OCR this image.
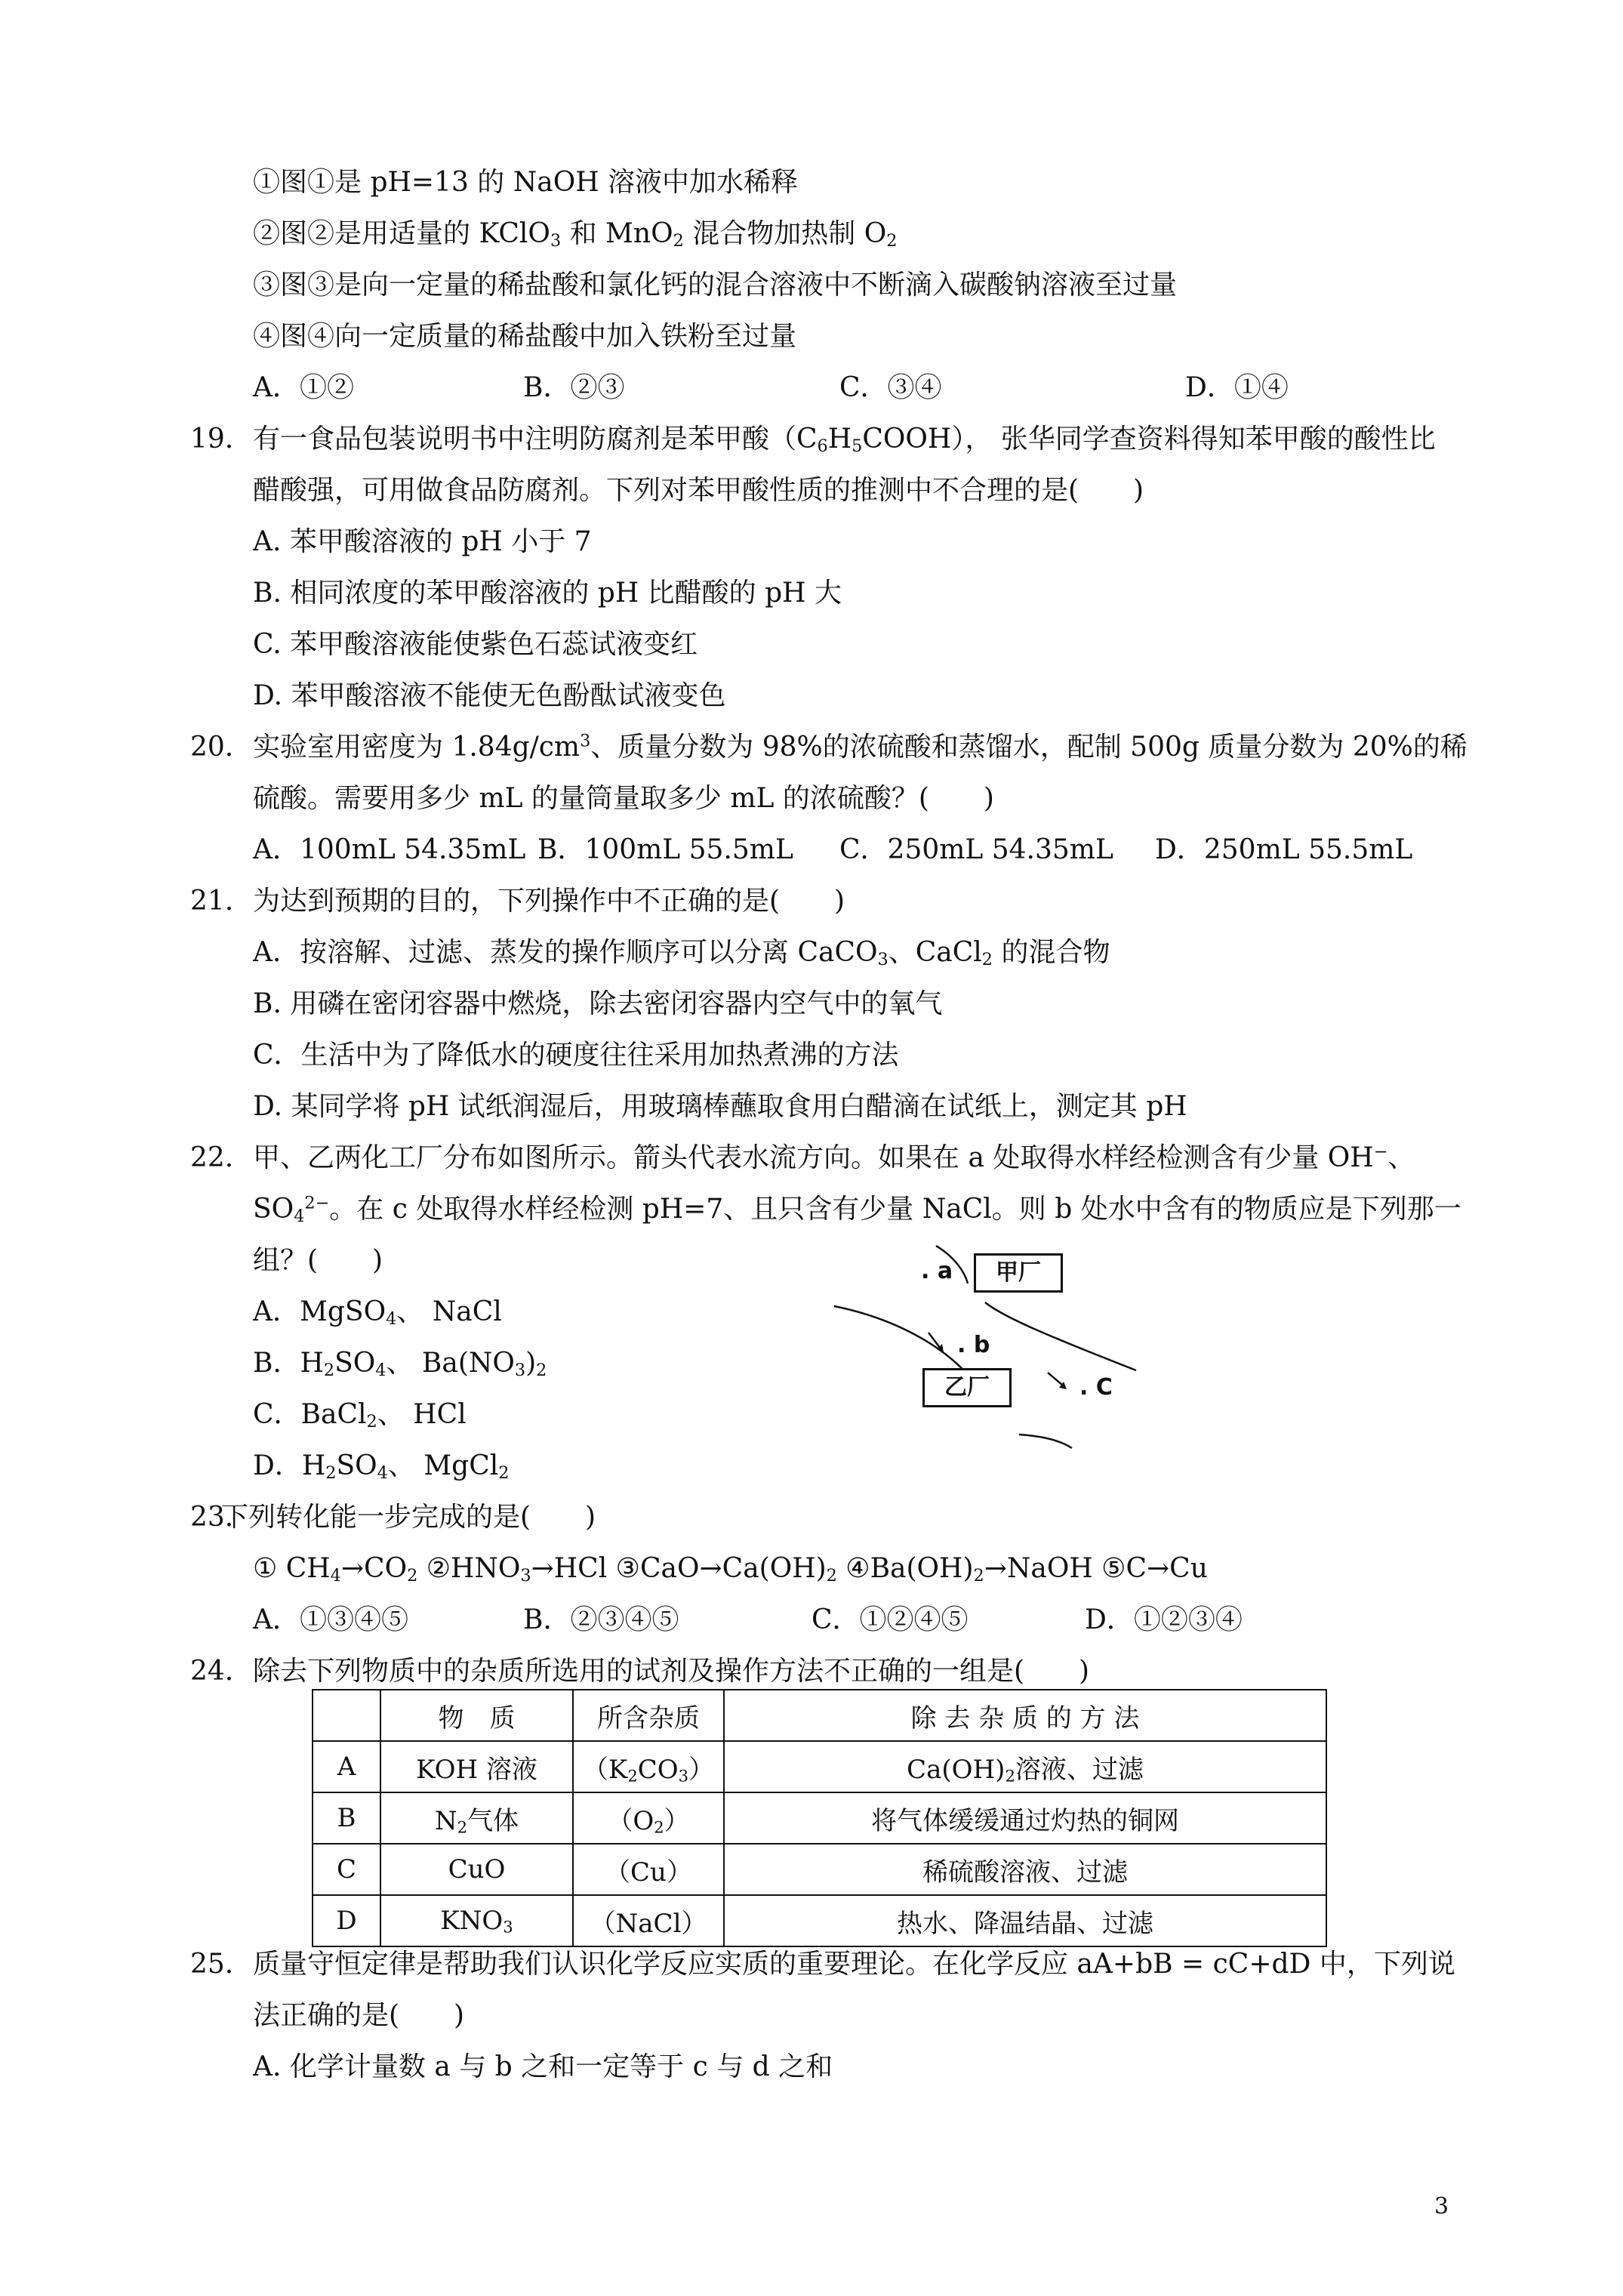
①图①是 pH=13 的 NaOH 溶液中加水稀释
②图②是用适量的 KClO$_3$ 和 MnO$_2$ 混合物加热制 $O_2$
③图③是向一定量的稀盐酸和氯化钙的混合溶液中不断滴入碳酸钠溶液至过量
④图④向一定质量的稀盐酸中加入铁粉至过量
A．①②	B．②③	C．③④	D．①④
19. 有一食品包装说明书中注明防腐剂是苯甲酸$(C_6H_5COOH)$， 张华同学查资料得知苯甲酸的酸性比
醋酸强，可用做食品防腐剂。下列对苯甲酸性质的推测中不合理的是(　　)
A. 苯甲酸溶液的 pH 小于 7
B. 相同浓度的苯甲酸溶液的 pH 比醋酸的 pH 大
C. 苯甲酸溶液能使紫色石蕊试液变红
D. 苯甲酸溶液不能使无色酚酞试液变色
20. 实验室用密度为 $1.84g/cm^3$、质量分数为 98%的浓硫酸和蒸馏水，配制 500g 质量分数为 20%的稀
硫酸。需要用多少 mL 的量筒量取多少 mL 的浓硫酸？(　　)
A．100mL 54.35mL B．100mL 55.5mL C．250mL 54.35mL D．250mL 55.5mL
21. 为达到预期的目的，下列操作中不正确的是(　　)
A．按溶解、过滤、蒸发的操作顺序可以分离 CaCO$_3$、CaCl$_2$ 的混合物
B. 用磷在密闭容器中燃烧，除去密闭容器内空气中的氧气
C．生活中为了降低水的硬度往往采用加热煮沸的方法
D. 某同学将 pH 试纸润湿后，用玻璃棒蘸取食用白醋滴在试纸上，测定其 pH
22. 甲、乙两化工厂分布如图所示。箭头代表水流方向。如果在 a 处取得水样经检测含有少量 OH−、
$SO_4^{2-}$。在 c 处取得水样经检测 pH=7、且只含有少量 NaCl。则 b 处水中含有的物质应是下列那一
组？(　　)
A．MgSO$_4$、 NaCl
B．$H_2SO_4$、 $Ba(NO_3)_2$
C．BaCl$_2$、 HCl
D．$H_2SO_4$、 MgCl$_2$
. a	甲厂
. b
乙厂	. C
23.
下列转化能一步完成的是(　　)
① $CH_4\to CO_2$ $②HNO_3\to HCl$ $③CaO\to Ca(OH)_2$ $④Ba(OH)_2\to NaOH$ ⑤C→Cu
A．①③④⑤	B．②③④⑤	C．①②④⑤	D．①②③④
24. 除去下列物质中的杂质所选用的试剂及操作方法不正确的一组是(　　)
	物　质	所含杂质	除 去 杂 质 的 方 法
A	KOH 溶液	$(K_2CO_3)$	$Ca(OH)_2$溶液、过滤
B	$N_2$气体	$(O_2)$	将气体缓缓通过灼热的铜网
C	CuO	（Cu）	稀硫酸溶液、过滤
D	$KNO_3$	（NaCl）	热水、降温结晶、过滤
25. 质量守恒定律是帮助我们认识化学反应实质的重要理论。在化学反应 aA+bB = cC+dD 中，下列说
法正确的是(　　)
A. 化学计量数 a 与 b 之和一定等于 c 与 d 之和
3
